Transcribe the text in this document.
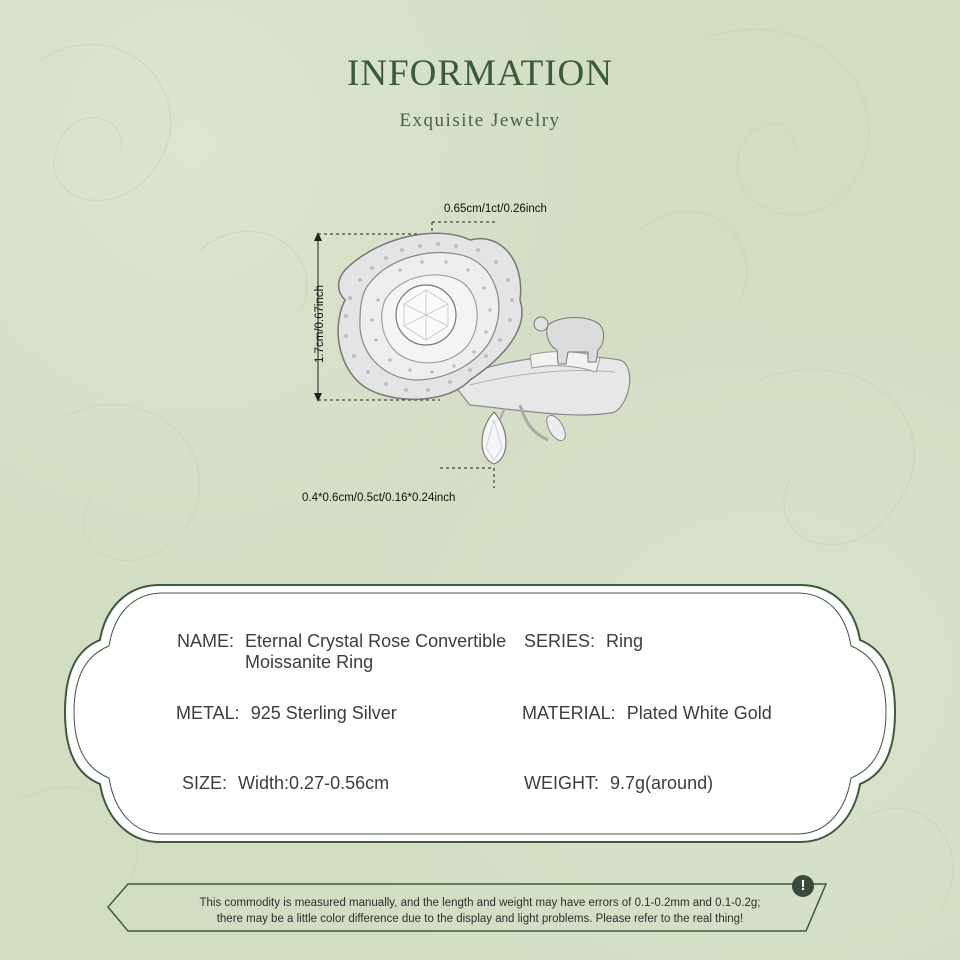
INFORMATION
Exquisite Jewelry
0.65cm/1ct/0.26inch
1.7cm/0.67inch
0.4*0.6cm/0.5ct/0.16*0.24inch
NAME: Eternal Crystal Rose Convertible Moissanite Ring
SERIES: Ring
METAL: 925 Sterling Silver	MATERIAL: Plated White Gold
SIZE: Width:0.27-0.56cm	WEIGHT: 9.7g(around)
!
This commodity is measured manually, and the length and weight may have errors of 0.1-0.2mm and 0.1-0.2g;
there may be a little color difference due to the display and light problems. Please refer to the real thing!
